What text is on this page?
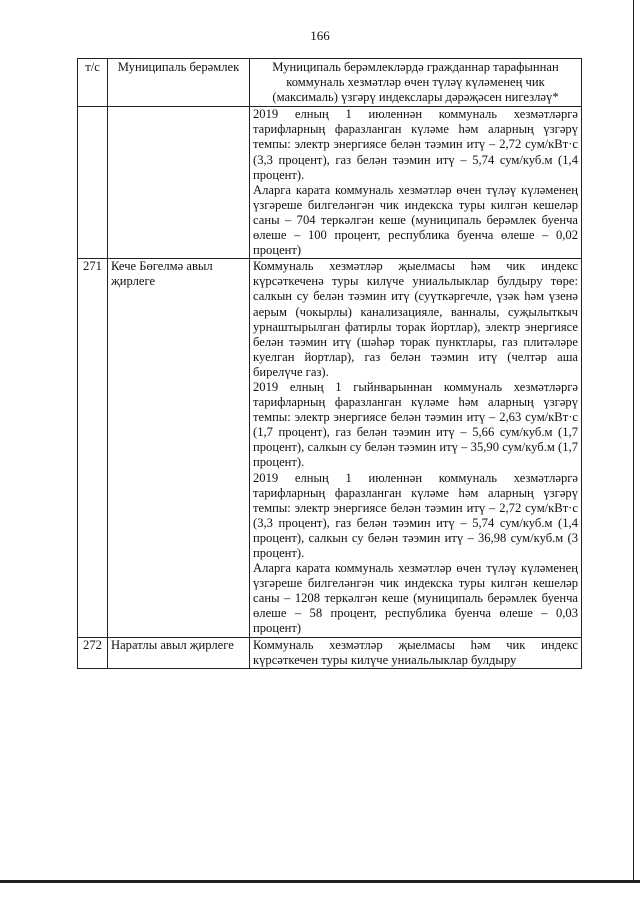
166
т/с	Муниципаль берәмлек	Муниципаль берәмлекләрдә гражданнар тарафыннан коммуналь хезмәтләр өчен түләү күләменең чик (максималь) үзгәрү индекслары дәрәҗәсен нигезләү*

		2019 елның 1 июленнән коммуналь хезмәтләргә тарифларның фаразланган күләме һәм аларның үзгәрү темпы: электр энергиясе белән тәэмин итү – 2,72 сум/кВт·с (3,3 процент), газ белән тәэмин итү – 5,74 сум/куб.м (1,4 процент).

Аларга карата коммуналь хезмәтләр өчен түләү күләменең үзгәреше билгеләнгән чик индекска туры килгән кешеләр саны – 704 теркәлгән кеше (муниципаль берәмлек буенча өлеше – 100 процент, республика буенча өлеше – 0,02 процент)

271	Кече Бөгелмә авыл җирлеге	Коммуналь хезмәтләр җыелмасы һәм чик индекс күрсәткеченә туры килүче униальлыклар булдыру төре: салкын су белән тәэмин итү (суүткәргечле, үзәк һәм үзенә аерым (чокырлы) канализацияле, ванналы, суҗылыткыч урнаштырылган фатирлы торак йортлар), электр энергиясе белән тәэмин итү (шәһәр торак пунктлары, газ плитәләре куелган йортлар), газ белән тәэмин итү (челтәр аша бирелүче газ).

2019 елның 1 гыйнварыннан коммуналь хезмәтләргә тарифларның фаразланган күләме һәм аларның үзгәрү темпы: электр энергиясе белән тәэмин итү – 2,63 сум/кВт·с (1,7 процент), газ белән тәэмин итү – 5,66 сум/куб.м (1,7 процент), салкын су белән тәэмин итү – 35,90 сум/куб.м (1,7 процент).

2019 елның 1 июленнән коммуналь хезмәтләргә тарифларның фаразланган күләме һәм аларның үзгәрү темпы: электр энергиясе белән тәэмин итү – 2,72 сум/кВт·с (3,3 процент), газ белән тәэмин итү – 5,74 сум/куб.м (1,4 процент), салкын су белән тәэмин итү – 36,98 сум/куб.м (3 процент).

Аларга карата коммуналь хезмәтләр өчен түләү күләменең үзгәреше билгеләнгән чик индекска туры килгән кешеләр саны – 1208 теркәлгән кеше (муниципаль берәмлек буенча өлеше – 58 процент, республика буенча өлеше – 0,03 процент)

272	Наратлы авыл җирлеге	Коммуналь хезмәтләр җыелмасы һәм чик индекс күрсәткечен туры килүче униальлыклар булдыру
